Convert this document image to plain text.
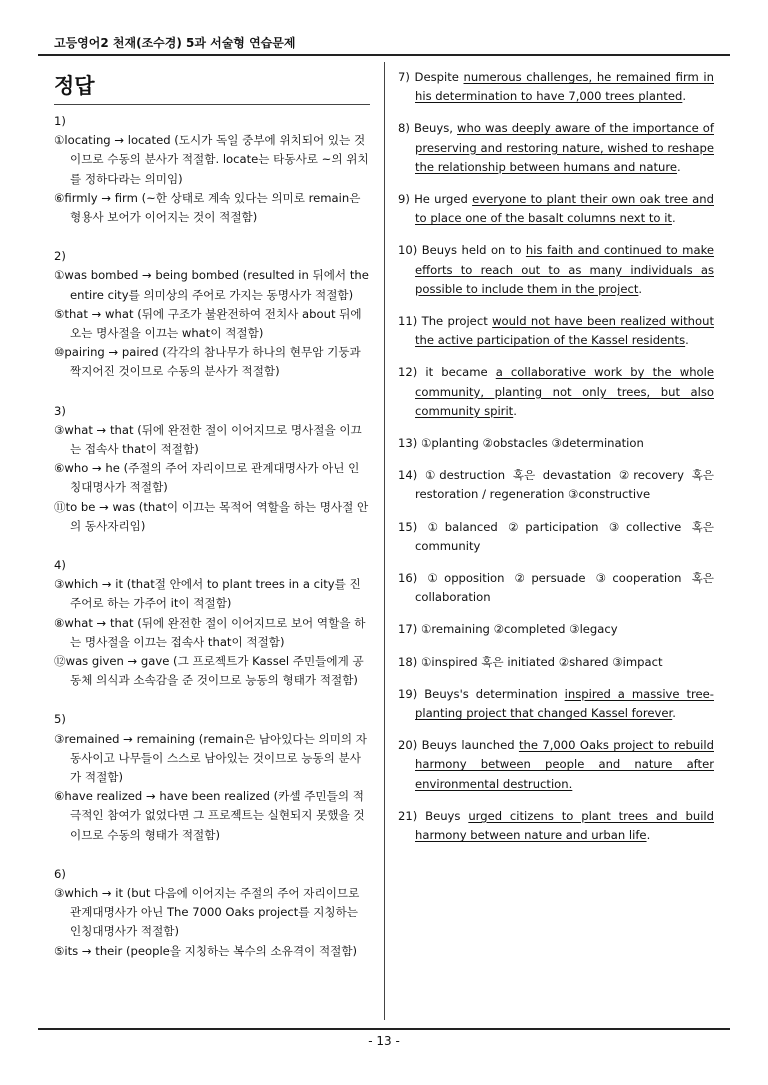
고등영어2 천재(조수경) 5과 서술형 연습문제
정답
1)
①locating → located (도시가 독일 중부에 위치되어 있는 것이므로 수동의 분사가 적절함. locate는 타동사로 ~의 위치를 정하다라는 의미임)
⑥firmly → firm (~한 상태로 계속 있다는 의미로 remain은 형용사 보어가 이어지는 것이 적절함)
2)
①was bombed → being bombed (resulted in 뒤에서 the entire city를 의미상의 주어로 가지는 동명사가 적절함)
⑤that → what (뒤에 구조가 불완전하여 전치사 about 뒤에 오는 명사절을 이끄는 what이 적절함)
⑩pairing → paired (각각의 참나무가 하나의 현무암 기둥과 짝지어진 것이므로 수동의 분사가 적절함)
3)
③what → that (뒤에 완전한 절이 이어지므로 명사절을 이끄는 접속사 that이 적절함)
⑥who → he (주절의 주어 자리이므로 관계대명사가 아닌 인칭대명사가 적절함)
⑪to be → was (that이 이끄는 목적어 역할을 하는 명사절 안의 동사자리임)
4)
③which → it (that절 안에서 to plant trees in a city를 진주어로 하는 가주어 it이 적절함)
⑧what → that (뒤에 완전한 절이 이어지므로 보어 역할을 하는 명사절을 이끄는 접속사 that이 적절함)
⑫was given → gave (그 프로젝트가 Kassel 주민들에게 공동체 의식과 소속감을 준 것이므로 능동의 형태가 적절함)
5)
③remained → remaining (remain은 남아있다는 의미의 자동사이고 나무들이 스스로 남아있는 것이므로 능동의 분사가 적절함)
⑥have realized → have been realized (카셀 주민들의 적극적인 참여가 없었다면 그 프로젝트는 실현되지 못했을 것이므로 수동의 형태가 적절함)
6)
③which → it (but 다음에 이어지는 주절의 주어 자리이므로 관계대명사가 아닌 The 7000 Oaks project를 지칭하는 인칭대명사가 적절함)
⑤its → their (people을 지칭하는 복수의 소유격이 적절함)
7) Despite numerous challenges, he remained firm in his determination to have 7,000 trees planted.
8) Beuys, who was deeply aware of the importance of preserving and restoring nature, wished to reshape the relationship between humans and nature.
9) He urged everyone to plant their own oak tree and to place one of the basalt columns next to it.
10) Beuys held on to his faith and continued to make efforts to reach out to as many individuals as possible to include them in the project.
11) The project would not have been realized without the active participation of the Kassel residents.
12) it became a collaborative work by the whole community, planting not only trees, but also community spirit.
13) ①planting ②obstacles ③determination
14) ①destruction 혹은 devastation ②recovery 혹은 restoration / regeneration ③constructive
15) ①balanced ②participation ③collective 혹은 community
16) ①opposition ②persuade ③cooperation 혹은 collaboration
17) ①remaining ②completed ③legacy
18) ①inspired 혹은 initiated ②shared ③impact
19) Beuys's determination inspired a massive tree-planting project that changed Kassel forever.
20) Beuys launched the 7,000 Oaks project to rebuild harmony between people and nature after environmental destruction.
21) Beuys urged citizens to plant trees and build harmony between nature and urban life.
- 13 -
